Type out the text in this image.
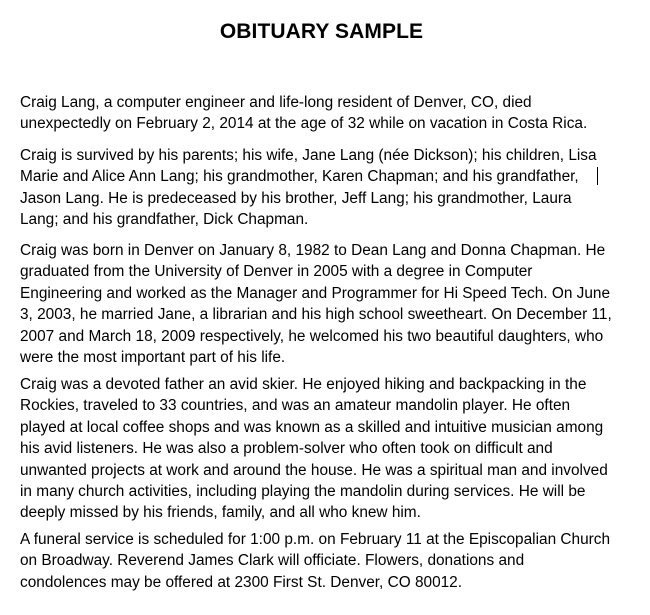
OBITUARY SAMPLE
Craig Lang, a computer engineer and life-long resident of Denver, CO, died
unexpectedly on February 2, 2014 at the age of 32 while on vacation in Costa Rica.
Craig is survived by his parents; his wife, Jane Lang (née Dickson); his children, Lisa
Marie and Alice Ann Lang; his grandmother, Karen Chapman; and his grandfather,
Jason Lang. He is predeceased by his brother, Jeff Lang; his grandmother, Laura
Lang; and his grandfather, Dick Chapman.
Craig was born in Denver on January 8, 1982 to Dean Lang and Donna Chapman. He
graduated from the University of Denver in 2005 with a degree in Computer
Engineering and worked as the Manager and Programmer for Hi Speed Tech. On June
3, 2003, he married Jane, a librarian and his high school sweetheart. On December 11,
2007 and March 18, 2009 respectively, he welcomed his two beautiful daughters, who
were the most important part of his life.
Craig was a devoted father an avid skier. He enjoyed hiking and backpacking in the
Rockies, traveled to 33 countries, and was an amateur mandolin player. He often
played at local coffee shops and was known as a skilled and intuitive musician among
his avid listeners. He was also a problem-solver who often took on difficult and
unwanted projects at work and around the house. He was a spiritual man and involved
in many church activities, including playing the mandolin during services. He will be
deeply missed by his friends, family, and all who knew him.
A funeral service is scheduled for 1:00 p.m. on February 11 at the Episcopalian Church
on Broadway. Reverend James Clark will officiate. Flowers, donations and
condolences may be offered at 2300 First St. Denver, CO 80012.
